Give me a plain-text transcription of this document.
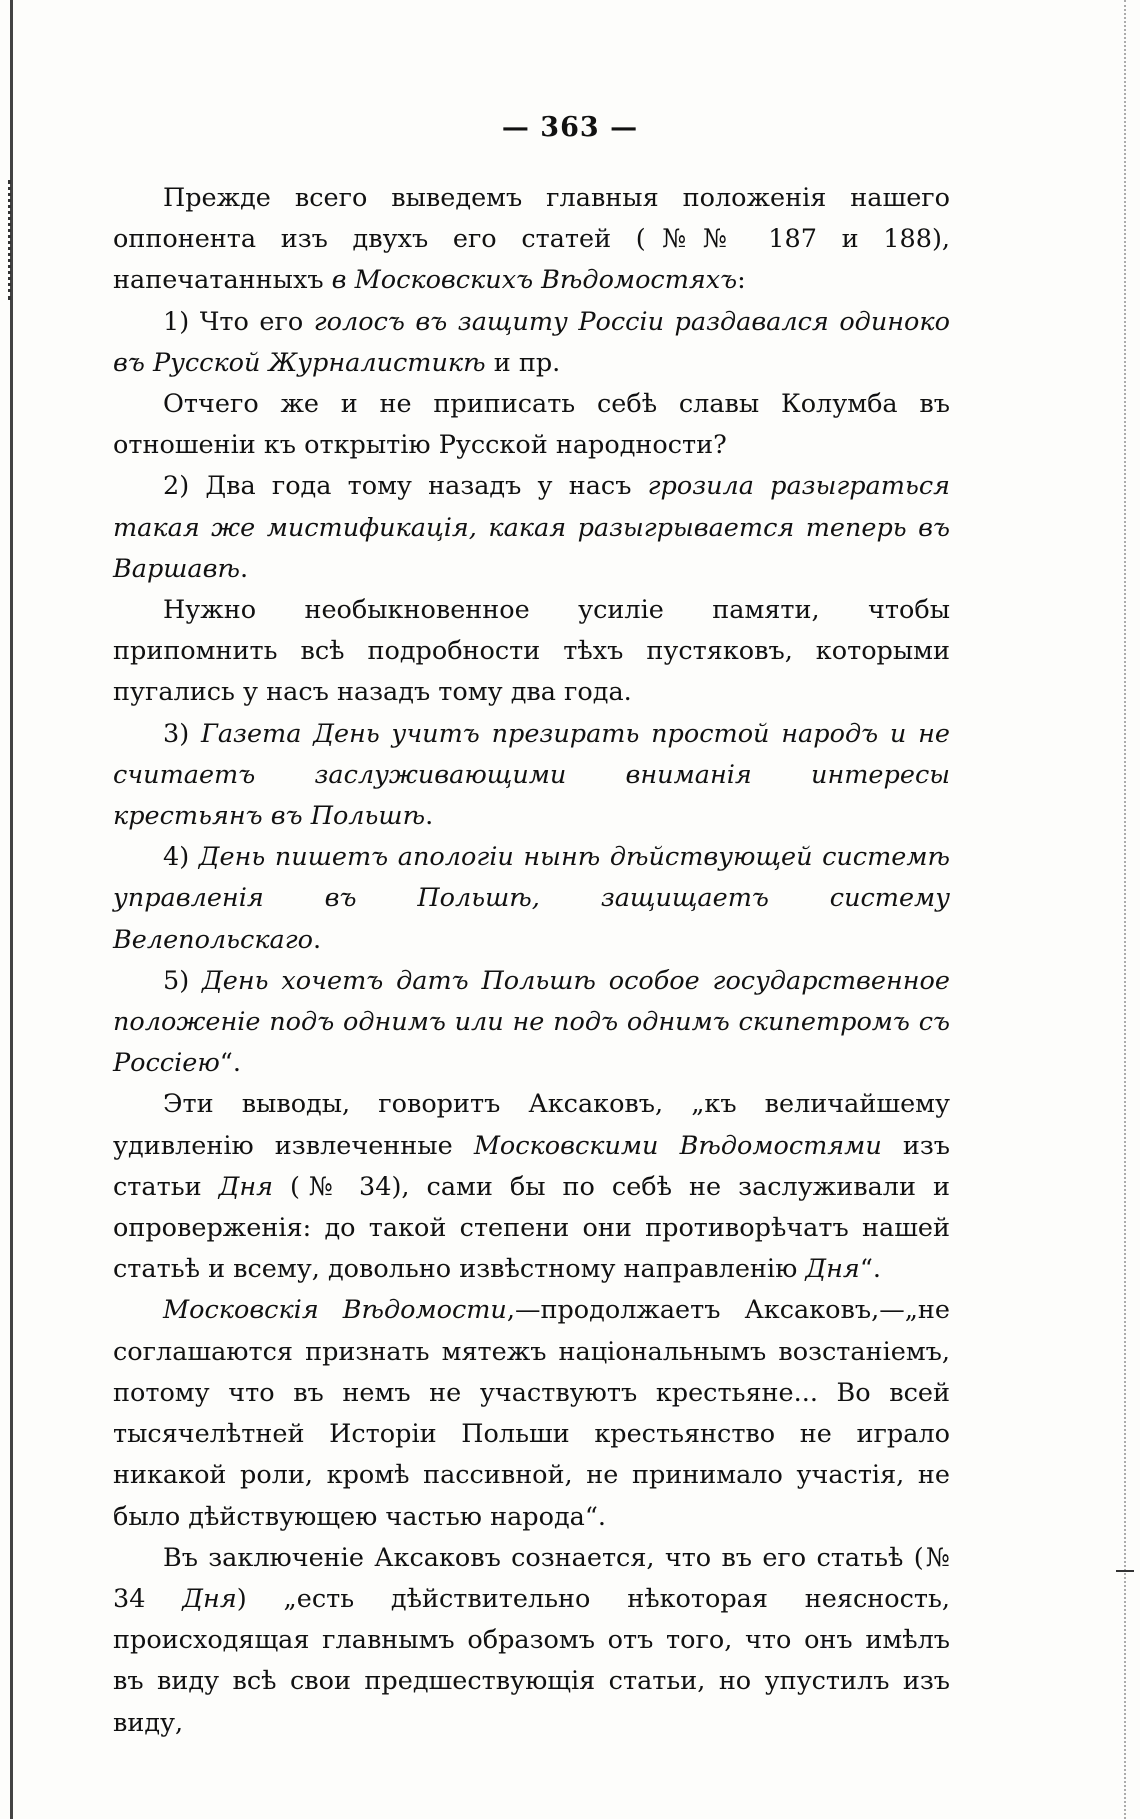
— 363 —

Прежде всего выведемъ главныя положенія нашего оппонента изъ двухъ его статей (№№ 187 и 188), напечатанныхъ в Московскихъ Вѣдомостяхъ:

1) Что его голосъ въ защиту Россіи раздавался одиноко въ Русской Журналистикѣ и пр.

Отчего же и не приписать себѣ славы Колумба въ отношеніи къ открытію Русской народности?

2) Два года тому назадъ у насъ грозила разыграться такая же мистификація, какая разыгрывается теперь въ Варшавѣ.

Нужно необыкновенное усиліе памяти, чтобы припомнить всѣ подробности тѣхъ пустяковъ, которыми пугались у насъ назадъ тому два года.

3) Газета День учитъ презирать простой народъ и не считаетъ заслуживающими вниманія интересы крестьянъ въ Польшѣ.

4) День пишетъ апологіи нынѣ дѣйствующей системѣ управленія въ Польшѣ, защищаетъ систему Велепольскаго.

5) День хочетъ датъ Польшѣ особое государственное положеніе подъ однимъ или не подъ однимъ скипетромъ съ Россіею“.

Эти выводы, говоритъ Аксаковъ, „къ величайшему удивленію извлеченные Московскими Вѣдомостями изъ статьи Дня (№ 34), сами бы по себѣ не заслуживали и опроверженія: до такой степени они противорѣчатъ нашей статьѣ и всему, довольно извѣстному направленію Дня“.

Московскія Вѣдомости,—продолжаетъ Аксаковъ,—„не соглашаются признать мятежъ національнымъ возстаніемъ, потому что въ немъ не участвуютъ крестьяне... Во всей тысячелѣтней Исторіи Польши крестьянство не играло никакой роли, кромѣ пассивной, не принимало участія, не было дѣйствующею частью народа“.

Въ заключеніе Аксаковъ сознается, что въ его статьѣ (№ 34 Дня) „есть дѣйствительно нѣкоторая неясность, происходящая главнымъ образомъ отъ того, что онъ имѣлъ въ виду всѣ свои предшествующія статьи, но упустилъ изъ виду,
